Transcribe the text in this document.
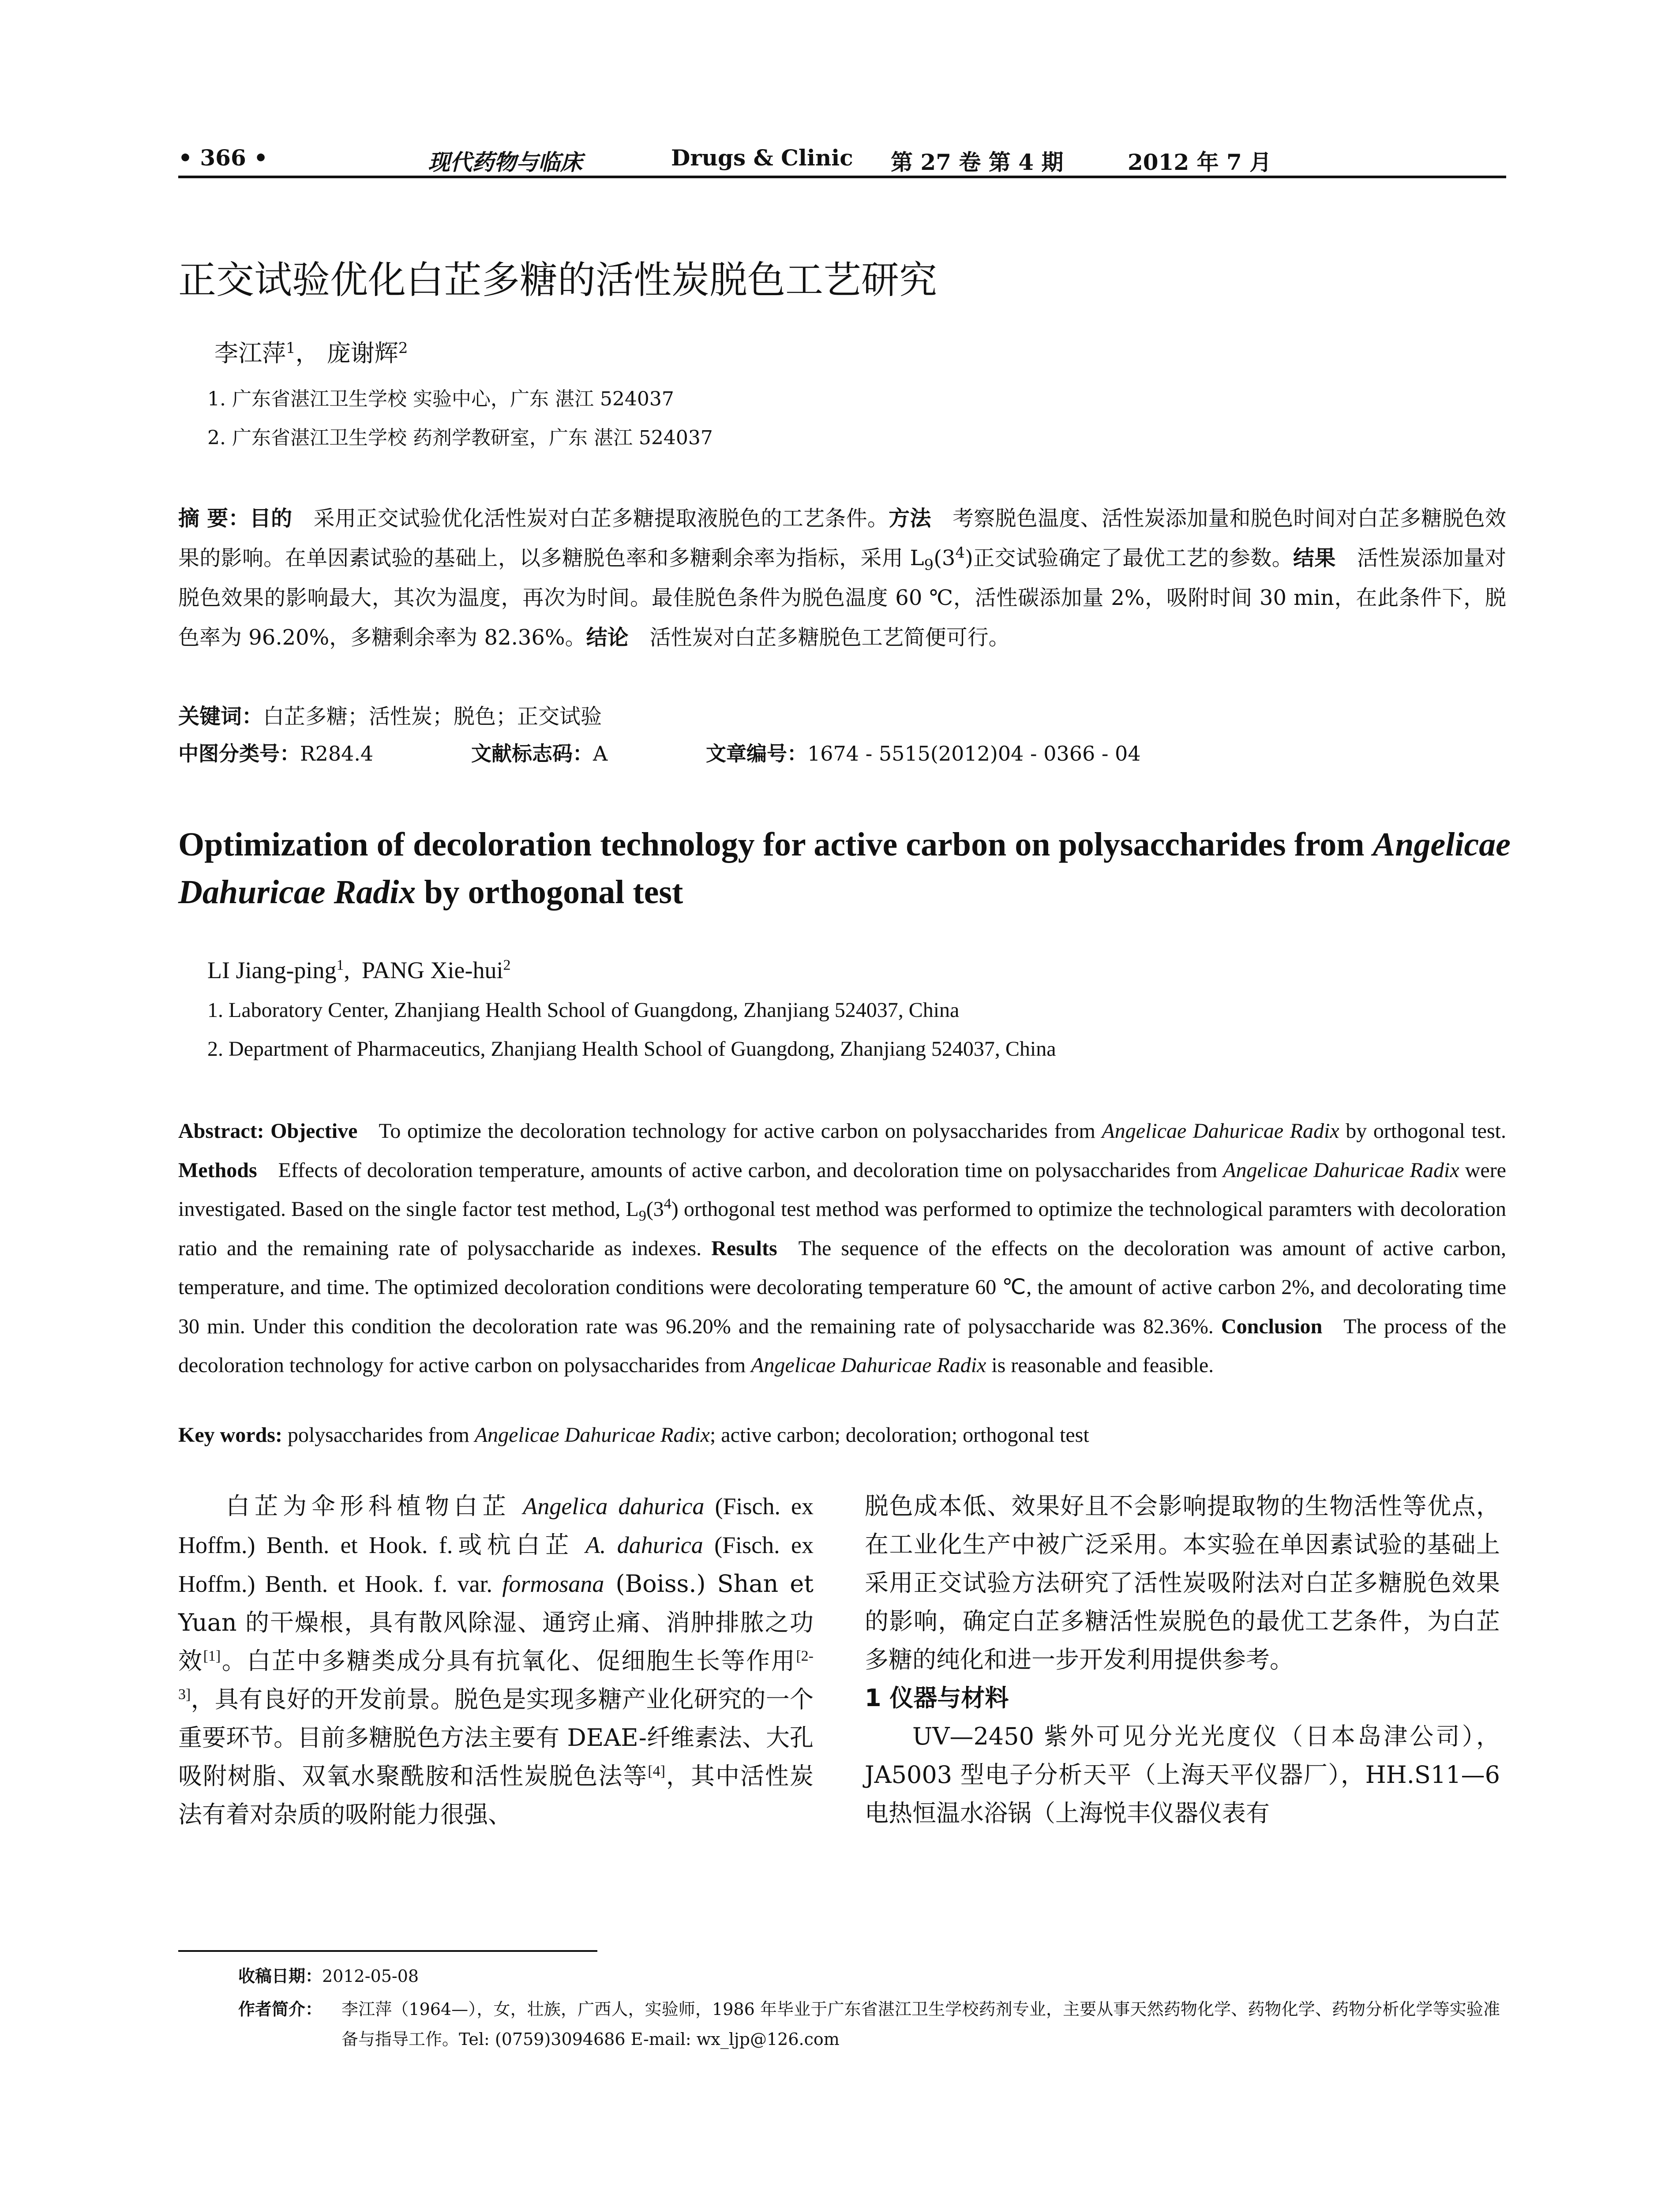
• 366 •	现代药物与临床	Drugs & Clinic 第 27 卷 第 4 期	2012 年 7 月
正交试验优化白芷多糖的活性炭脱色工艺研究
李江萍$^1$， 庞谢辉$^2$
1. 广东省湛江卫生学校 实验中心，广东 湛江 524037
2. 广东省湛江卫生学校 药剂学教研室，广东 湛江 524037
摘 要：目的  采用正交试验优化活性炭对白芷多糖提取液脱色的工艺条件。方法  考察脱色温度、活性炭添加量和脱色时间对白芷多糖脱色效果的影响。在单因素试验的基础上，以多糖脱色率和多糖剩余率为指标，采用 $L_9(3^4)$正交试验确定了最优工艺的参数。结果  活性炭添加量对脱色效果的影响最大，其次为温度，再次为时间。最佳脱色条件为脱色温度 60 ℃，活性碳添加量 2%，吸附时间 30 min，在此条件下，脱色率为 96.20%，多糖剩余率为 82.36%。结论  活性炭对白芷多糖脱色工艺简便可行。
关键词：白芷多糖；活性炭；脱色；正交试验
中图分类号：R284.4	文献标志码：A	文章编号：1674 - 5515(2012)04 - 0366 - 04
Optimization of decoloration technology for active carbon on polysaccharides from Angelicae Dahuricae Radix by orthogonal test
LI Jiang-ping$^1$,  PANG Xie-hui$^2$
1. Laboratory Center, Zhanjiang Health School of Guangdong, Zhanjiang 524037, China
2. Department of Pharmaceutics, Zhanjiang Health School of Guangdong, Zhanjiang 524037, China
Abstract: Objective  To optimize the decoloration technology for active carbon on polysaccharides from Angelicae Dahuricae Radix by orthogonal test. Methods  Effects of decoloration temperature, amounts of active carbon, and decoloration time on polysaccharides from Angelicae Dahuricae Radix were investigated. Based on the single factor test method, $L_9(3^4)$ orthogonal test method was performed to optimize the technological paramters with decoloration ratio and the remaining rate of polysaccharide as indexes. Results  The sequence of the effects on the decoloration was amount of active carbon, temperature, and time. The optimized decoloration conditions were decolorating temperature 60 ℃, the amount of active carbon 2%, and decolorating time 30 min. Under this condition the decoloration rate was 96.20% and the remaining rate of polysaccharide was 82.36%. Conclusion  The process of the decoloration technology for active carbon on polysaccharides from Angelicae Dahuricae Radix is reasonable and feasible.
Key words: polysaccharides from Angelicae Dahuricae Radix; active carbon; decoloration; orthogonal test

白芷为伞形科植物白芷 Angelica dahurica (Fisch. ex Hoffm.) Benth. et Hook. f.或杭白芷 A. dahurica (Fisch. ex Hoffm.) Benth. et Hook. f. var. formosana (Boiss.) Shan et Yuan 的干燥根，具有散风除湿、通窍止痛、消肿排脓之功效[1]。白芷中多糖类成分具有抗氧化、促细胞生长等作用[2-3]，具有良好的开发前景。脱色是实现多糖产业化研究的一个重要环节。目前多糖脱色方法主要有 DEAE-纤维素法、大孔吸附树脂、双氧水聚酰胺和活性炭脱色法等[4]，其中活性炭法有着对杂质的吸附能力很强、

脱色成本低、效果好且不会影响提取物的生物活性等优点，在工业化生产中被广泛采用。本实验在单因素试验的基础上采用正交试验方法研究了活性炭吸附法对白芷多糖脱色效果的影响，确定白芷多糖活性炭脱色的最优工艺条件，为白芷多糖的纯化和进一步开发利用提供参考。

1 仪器与材料

UV—2450 紫外可见分光光度仪（日本岛津公司），JA5003 型电子分析天平（上海天平仪器厂），HH.S11—6 电热恒温水浴锅（上海悦丰仪器仪表有

收稿日期：2012-05-08
作者简介： 李江萍（1964—），女，壮族，广西人，实验师，1986 年毕业于广东省湛江卫生学校药剂专业，主要从事天然药物化学、药物化学、药物分析化学等实验准备与指导工作。Tel: (0759)3094686 E-mail: wx_ljp@126.com
